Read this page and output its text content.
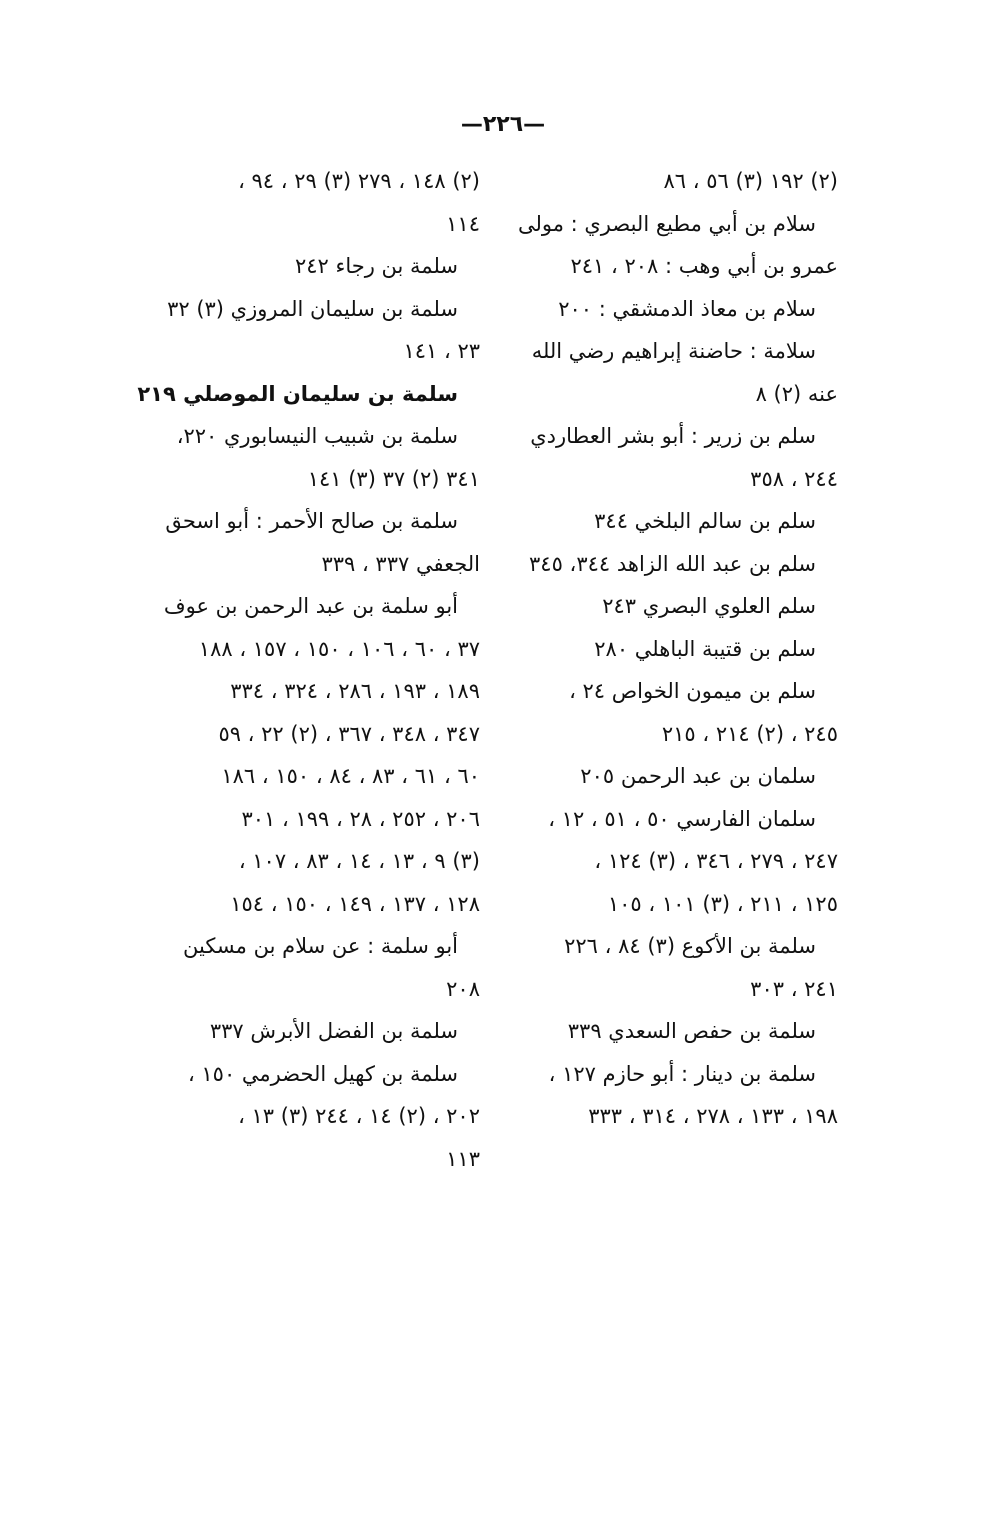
—٢٢٦—
(٢) ١٩٢ (٣) ٥٦ ، ٨٦
سلام بن أبي مطيع البصري : مولى
عمرو بن أبي وهب : ٢٠٨ ، ٢٤١
سلام بن معاذ الدمشقي : ٢٠٠
سلامة : حاضنة إبراهيم رضي الله
عنه (٢) ٨
سلم بن زرير : أبو بشر العطاردي
٢٤٤ ، ٣٥٨
سلم بن سالم البلخي ٣٤٤
سلم بن عبد الله الزاهد ٣٤٤، ٣٤٥
سلم العلوي البصري ٢٤٣
سلم بن قتيبة الباهلي ٢٨٠
سلم بن ميمون الخواص ٢٤ ،
٢٤٥ ، (٢) ٢١٤ ، ٢١٥
سلمان بن عبد الرحمن ٢٠٥
سلمان الفارسي ٥٠ ، ٥١ ، ١٢ ،
٢٤٧ ، ٢٧٩ ، ٣٤٦ ، (٣) ١٢٤ ،
١٢٥ ، ٢١١ ، (٣) ١٠١ ، ١٠٥
سلمة بن الأكوع (٣) ٨٤ ، ٢٢٦
٢٤١ ، ٣٠٣
سلمة بن حفص السعدي ٣٣٩
سلمة بن دينار : أبو حازم ١٢٧ ،
١٩٨ ، ١٣٣ ، ٢٧٨ ، ٣١٤ ، ٣٣٣
(٢) ١٤٨ ، ٢٧٩ (٣) ٢٩ ، ٩٤ ،
١١٤
سلمة بن رجاء ٢٤٢
سلمة بن سليمان المروزي (٣) ٣٢
٢٣ ، ١٤١
سلمة بن سليمان الموصلي ٢١٩
سلمة بن شبيب النيسابوري ٢٢٠،
٣٤١ (٢) ٣٧ (٣) ١٤١
سلمة بن صالح الأحمر : أبو اسحق
الجعفي ٣٣٧ ، ٣٣٩
أبو سلمة بن عبد الرحمن بن عوف
٣٧ ، ٦٠ ، ١٠٦ ، ١٥٠ ، ١٥٧ ، ١٨٨
١٨٩ ، ١٩٣ ، ٢٨٦ ، ٣٢٤ ، ٣٣٤
٣٤٧ ، ٣٤٨ ، ٣٦٧ ، (٢) ٢٢ ، ٥٩
٦٠ ، ٦١ ، ٨٣ ، ٨٤ ، ١٥٠ ، ١٨٦
٢٠٦ ، ٢٥٢ ، ٢٨ ، ١٩٩ ، ٣٠١
(٣) ٩ ، ١٣ ، ١٤ ، ٨٣ ، ١٠٧ ،
١٢٨ ، ١٣٧ ، ١٤٩ ، ١٥٠ ، ١٥٤
أبو سلمة : عن سلام بن مسكين
٢٠٨
سلمة بن الفضل الأبرش ٣٣٧
سلمة بن كهيل الحضرمي ١٥٠ ،
٢٠٢ ، (٢) ١٤ ، ٢٤٤ (٣) ١٣ ،
١١٣
